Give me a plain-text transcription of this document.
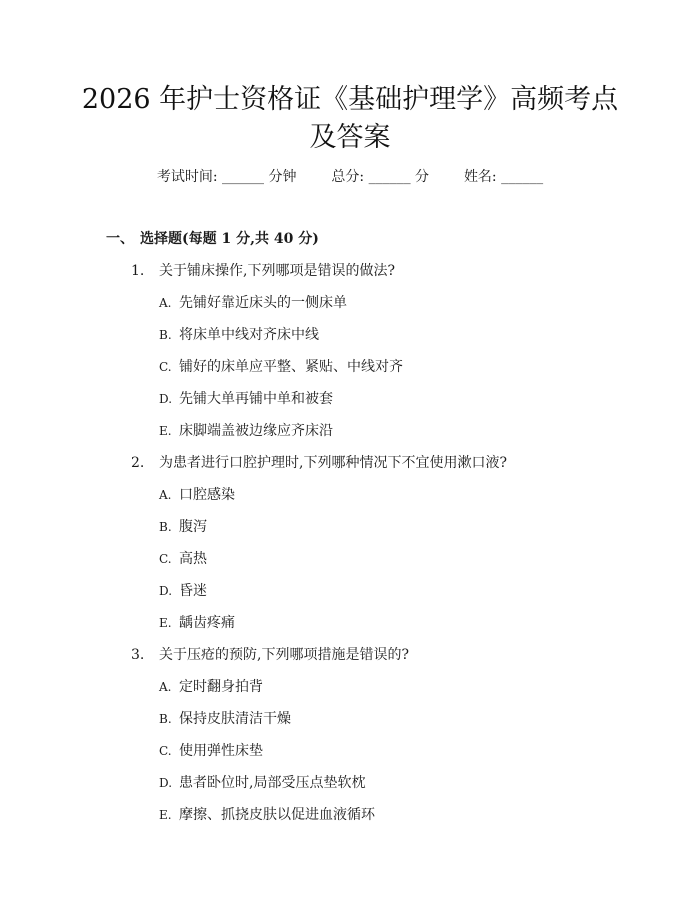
2026 年护士资格证《基础护理学》高频考点
及答案
考试时间: ______ 分钟 总分: ______ 分 姓名: ______
一、 选择题(每题 1 分,共 40 分)
1. 关于铺床操作,下列哪项是错误的做法?
A. 先铺好靠近床头的一侧床单
B. 将床单中线对齐床中线
C. 铺好的床单应平整、紧贴、中线对齐
D. 先铺大单再铺中单和被套
E. 床脚端盖被边缘应齐床沿
2. 为患者进行口腔护理时,下列哪种情况下不宜使用漱口液?
A. 口腔感染
B. 腹泻
C. 高热
D. 昏迷
E. 龋齿疼痛
3. 关于压疮的预防,下列哪项措施是错误的?
A. 定时翻身拍背
B. 保持皮肤清洁干燥
C. 使用弹性床垫
D. 患者卧位时,局部受压点垫软枕
E. 摩擦、抓挠皮肤以促进血液循环
